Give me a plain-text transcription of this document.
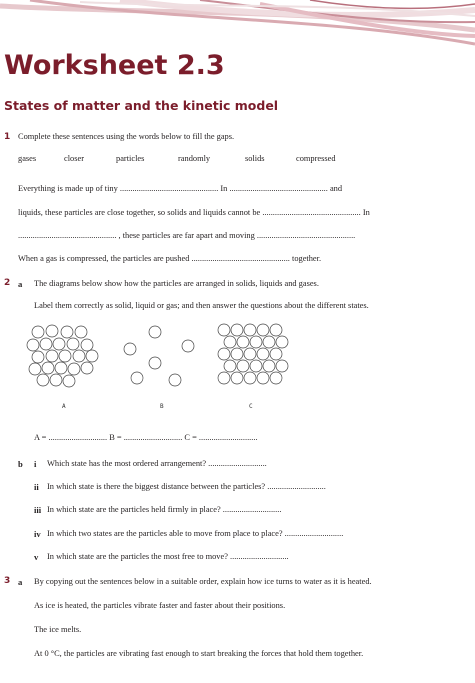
Worksheet 2.3
States of matter and the kinetic model
1 Complete these sentences using the words below to fill the gaps.
gases	closer	particles	randomly	solids	compressed
Everything is made up of tiny ............................................... In ............................................... and
liquids, these particles are close together, so solids and liquids cannot be ............................................... In
............................................... , these particles are far apart and moving ...............................................
When a gas is compressed, the particles are pushed ............................................... together.
2 a The diagrams below show how the particles are arranged in solids, liquids and gases.
Label them correctly as solid, liquid or gas; and then answer the questions about the different states.
A	B	C
A = ............................ B = ............................ C = ............................
b i Which state has the most ordered arrangement? ............................
ii In which state is there the biggest distance between the particles? ............................
iii In which state are the particles held firmly in place? ............................
iv In which two states are the particles able to move from place to place? ............................
v In which state are the particles the most free to move? ............................
3 a By copying out the sentences below in a suitable order, explain how ice turns to water as it is heated.
As ice is heated, the particles vibrate faster and faster about their positions.
The ice melts.
At 0 °C, the particles are vibrating fast enough to start breaking the forces that hold them together.
